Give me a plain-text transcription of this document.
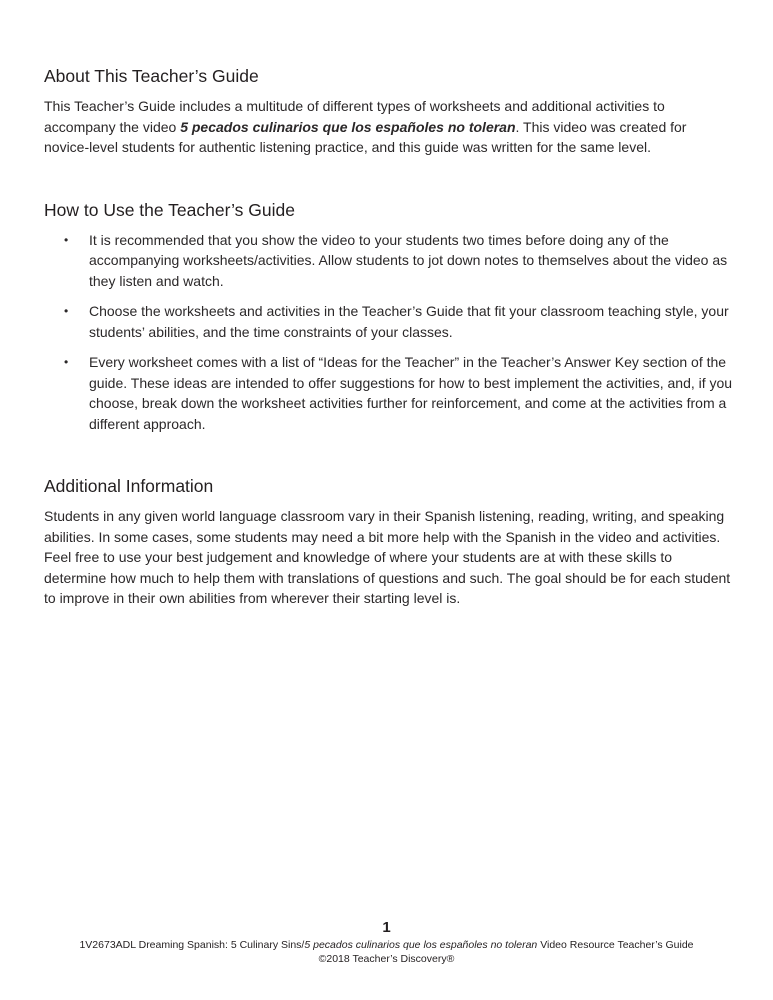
About This Teacher’s Guide

This Teacher’s Guide includes a multitude of different types of worksheets and additional activities to accompany the video 5 pecados culinarios que los españoles no toleran. This video was created for novice-level students for authentic listening practice, and this guide was written for the same level.

How to Use the Teacher’s Guide
• It is recommended that you show the video to your students two times before doing any of the accompanying worksheets/activities. Allow students to jot down notes to themselves about the video as they listen and watch.
• Choose the worksheets and activities in the Teacher’s Guide that fit your classroom teaching style, your students’ abilities, and the time constraints of your classes.
• Every worksheet comes with a list of “Ideas for the Teacher” in the Teacher’s Answer Key section of the guide. These ideas are intended to offer suggestions for how to best implement the activities, and, if you choose, break down the worksheet activities further for reinforcement, and come at the activities from a different approach.
Additional Information

Students in any given world language classroom vary in their Spanish listening, reading, writing, and speaking abilities. In some cases, some students may need a bit more help with the Spanish in the video and activities. Feel free to use your best judgement and knowledge of where your students are at with these skills to determine how much to help them with translations of questions and such. The goal should be for each student to improve in their own abilities from wherever their starting level is.

1
1V2673ADL Dreaming Spanish: 5 Culinary Sins/5 pecados culinarios que los españoles no toleran Video Resource Teacher’s Guide
©2018 Teacher’s Discovery®
